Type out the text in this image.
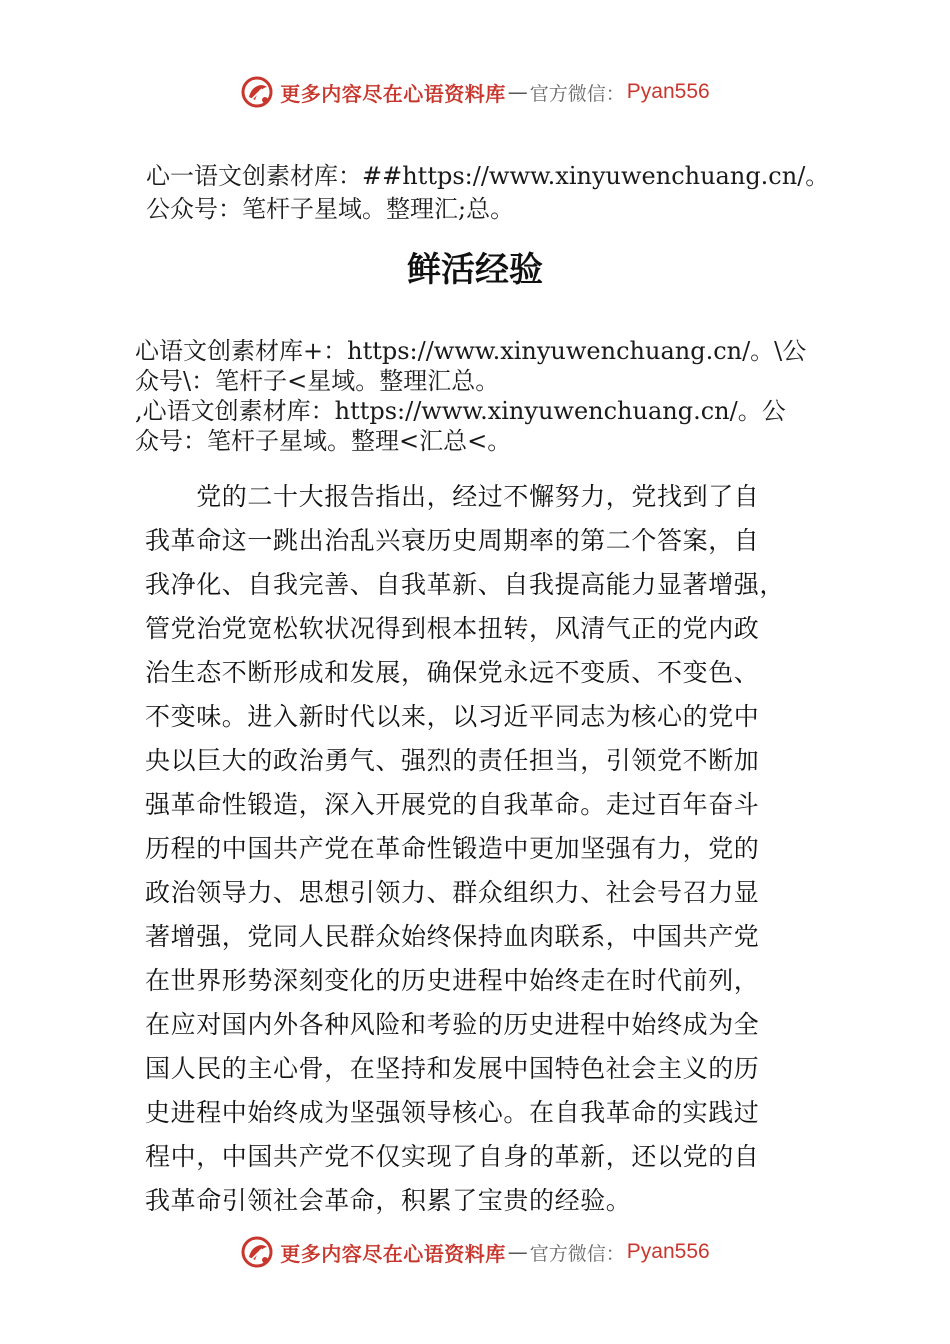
更多内容尽在心语资料库 — 官方微信： Pyan556
心一语文创素材库：##https://www.xinyuwenchuang.cn/。
公众号：笔杆子星域。整理汇;总。
鲜活经验
心语文创素材库+：https://www.xinyuwenchuang.cn/。\公
众号\：笔杆子<星域。整理汇总。
,心语文创素材库：https://www.xinyuwenchuang.cn/。公
众号：笔杆子星域。整理<汇总<。
　　党的二十大报告指出，经过不懈努力，党找到了自
我革命这一跳出治乱兴衰历史周期率的第二个答案，自
我净化、自我完善、自我革新、自我提高能力显著增强，
管党治党宽松软状况得到根本扭转，风清气正的党内政
治生态不断形成和发展，确保党永远不变质、不变色、
不变味。进入新时代以来，以习近平同志为核心的党中
央以巨大的政治勇气、强烈的责任担当，引领党不断加
强革命性锻造，深入开展党的自我革命。走过百年奋斗
历程的中国共产党在革命性锻造中更加坚强有力，党的
政治领导力、思想引领力、群众组织力、社会号召力显
著增强，党同人民群众始终保持血肉联系，中国共产党
在世界形势深刻变化的历史进程中始终走在时代前列，
在应对国内外各种风险和考验的历史进程中始终成为全
国人民的主心骨，在坚持和发展中国特色社会主义的历
史进程中始终成为坚强领导核心。在自我革命的实践过
程中，中国共产党不仅实现了自身的革新，还以党的自
我革命引领社会革命，积累了宝贵的经验。
更多内容尽在心语资料库 — 官方微信： Pyan556
